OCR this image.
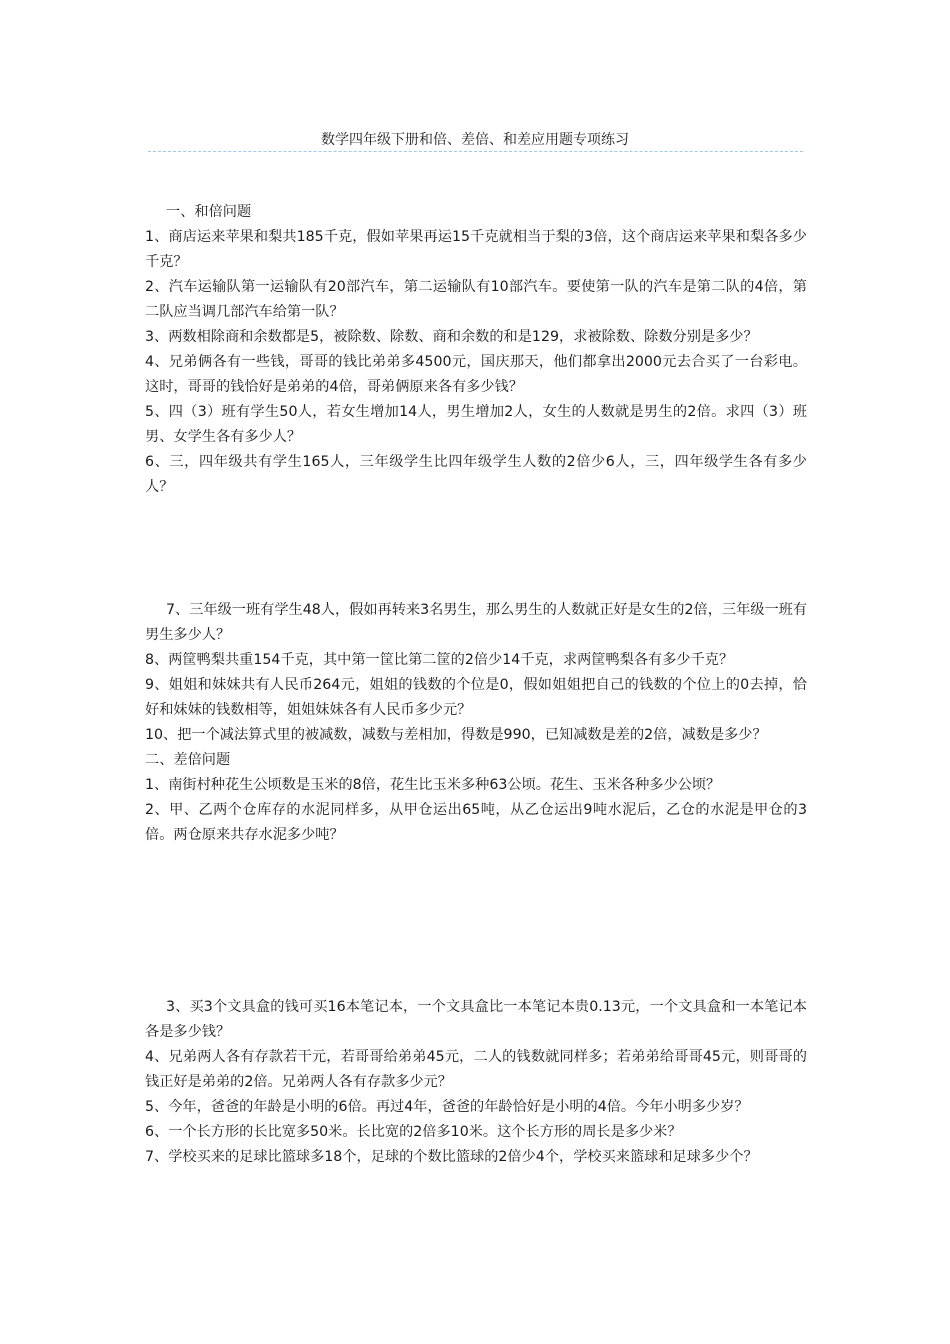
数学四年级下册和倍、差倍、和差应用题专项练习

一、和倍问题

1、商店运来苹果和梨共185千克，假如苹果再运15千克就相当于梨的3倍，这个商店运来苹果和梨各多少千克？

2、汽车运输队第一运输队有20部汽车，第二运输队有10部汽车。要使第一队的汽车是第二队的4倍，第二队应当调几部汽车给第一队？

3、两数相除商和余数都是5，被除数、除数、商和余数的和是129，求被除数、除数分别是多少？

4、兄弟俩各有一些钱，哥哥的钱比弟弟多4500元，国庆那天，他们都拿出2000元去合买了一台彩电。这时，哥哥的钱恰好是弟弟的4倍，哥弟俩原来各有多少钱？

5、四（3）班有学生50人，若女生增加14人，男生增加2人，女生的人数就是男生的2倍。求四（3）班男、女学生各有多少人？

6、三，四年级共有学生165人，三年级学生比四年级学生人数的2倍少6人，三，四年级学生各有多少人？

7、三年级一班有学生48人，假如再转来3名男生，那么男生的人数就正好是女生的2倍，三年级一班有男生多少人？

8、两筐鸭梨共重154千克，其中第一筐比第二筐的2倍少14千克，求两筐鸭梨各有多少千克？

9、姐姐和妹妹共有人民币264元，姐姐的钱数的个位是0，假如姐姐把自己的钱数的个位上的0去掉，恰好和妹妹的钱数相等，姐姐妹妹各有人民币多少元？

10、把一个减法算式里的被减数，减数与差相加，得数是990，已知减数是差的2倍，减数是多少？

二、差倍问题

1、南街村种花生公顷数是玉米的8倍，花生比玉米多种63公顷。花生、玉米各种多少公顷？

2、甲、乙两个仓库存的水泥同样多，从甲仓运出65吨，从乙仓运出9吨水泥后，乙仓的水泥是甲仓的3倍。两仓原来共存水泥多少吨？

3、买3个文具盒的钱可买16本笔记本，一个文具盒比一本笔记本贵0.13元，一个文具盒和一本笔记本各是多少钱？

4、兄弟两人各有存款若干元，若哥哥给弟弟45元，二人的钱数就同样多；若弟弟给哥哥45元，则哥哥的钱正好是弟弟的2倍。兄弟两人各有存款多少元？

5、今年，爸爸的年龄是小明的6倍。再过4年，爸爸的年龄恰好是小明的4倍。今年小明多少岁？

6、一个长方形的长比宽多50米。长比宽的2倍多10米。这个长方形的周长是多少米？

7、学校买来的足球比篮球多18个，足球的个数比篮球的2倍少4个，学校买来篮球和足球多少个？
